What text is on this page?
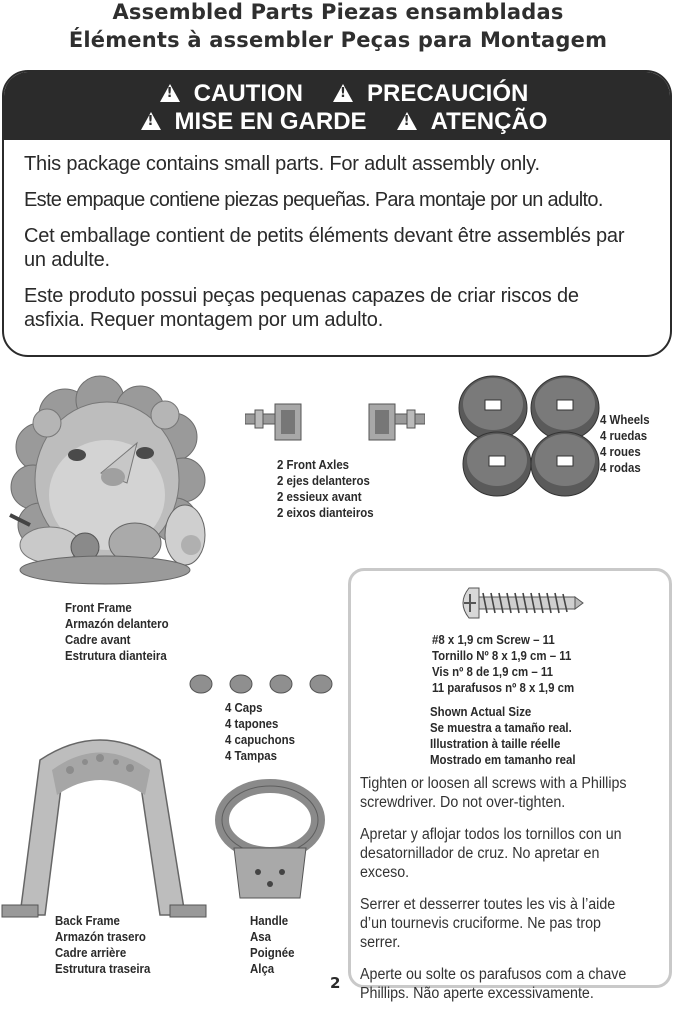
Assembled Parts Piezas ensambladas
Éléments à assembler Peças para Montagem
!CAUTION !	PRECAUCIÓN
!MISE EN GARDE !	ATENÇÃO

This package contains small parts. For adult assembly only.

Este empaque contiene piezas pequeñas. Para montaje por un adulto.

Cet emballage contient de petits éléments devant être assemblés par un adulte.

Este produto possui peças pequenas capazes de criar riscos de asfixia. Requer montagem por um adulto.

2 Front Axles
2 ejes delanteros
2 essieux avant
2 eixos dianteiros
4 Wheels
4 ruedas
4 roues
4 rodas
Front Frame
Armazón delantero
Cadre avant
Estrutura dianteira
4 Caps
4 tapones
4 capuchons
4 Tampas
Back Frame
Armazón trasero
Cadre arrière
Estrutura traseira
Handle
Asa
Poignée
Alça
#8 x 1,9 cm Screw – 11
Tornillo Nº 8 x 1,9 cm – 11
Vis nº 8 de 1,9 cm – 11
11 parafusos nº 8 x 1,9 cm
Shown Actual Size
Se muestra a tamaño real.
Illustration à taille réelle
Mostrado em tamanho real

Tighten or loosen all screws with a Phillips screwdriver. Do not over-tighten.

Apretar y aflojar todos los tornillos con un desatornillador de cruz. No apretar en exceso.

Serrer et desserrer toutes les vis à l’aide d’un tournevis cruciforme. Ne pas trop serrer.

Aperte ou solte os parafusos com a chave Phillips. Não aperte excessivamente.

2
